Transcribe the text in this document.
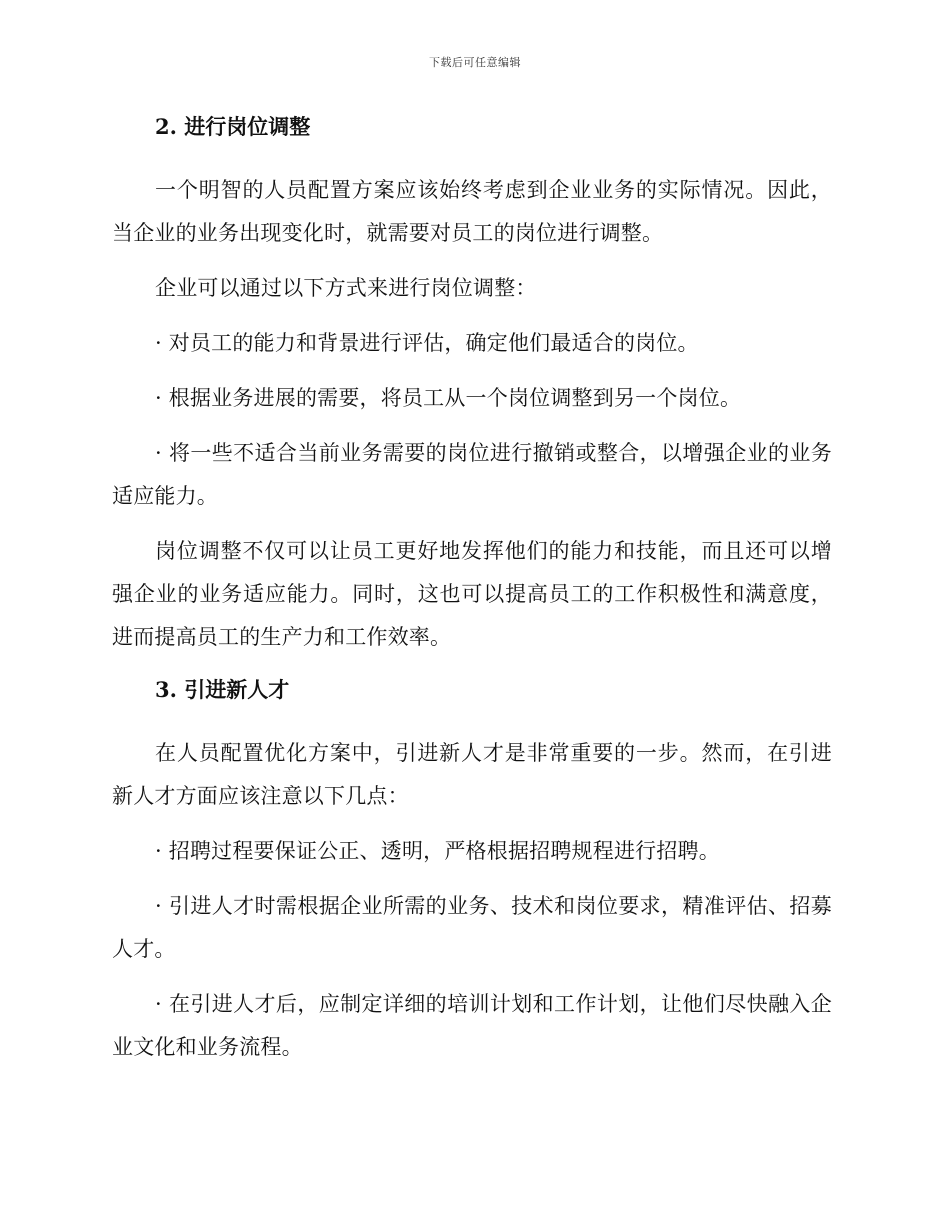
下载后可任意编辑
2. 进行岗位调整

一个明智的人员配置方案应该始终考虑到企业业务的实际情况。因此，当企业的业务出现变化时，就需要对员工的岗位进行调整。

企业可以通过以下方式来进行岗位调整：

· 对员工的能力和背景进行评估，确定他们最适合的岗位。

· 根据业务进展的需要，将员工从一个岗位调整到另一个岗位。

· 将一些不适合当前业务需要的岗位进行撤销或整合，以增强企业的业务适应能力。

岗位调整不仅可以让员工更好地发挥他们的能力和技能，而且还可以增强企业的业务适应能力。同时，这也可以提高员工的工作积极性和满意度，进而提高员工的生产力和工作效率。

3. 引进新人才

在人员配置优化方案中，引进新人才是非常重要的一步。然而，在引进新人才方面应该注意以下几点：

· 招聘过程要保证公正、透明，严格根据招聘规程进行招聘。

· 引进人才时需根据企业所需的业务、技术和岗位要求，精准评估、招募人才。

· 在引进人才后，应制定详细的培训计划和工作计划，让他们尽快融入企业文化和业务流程。
